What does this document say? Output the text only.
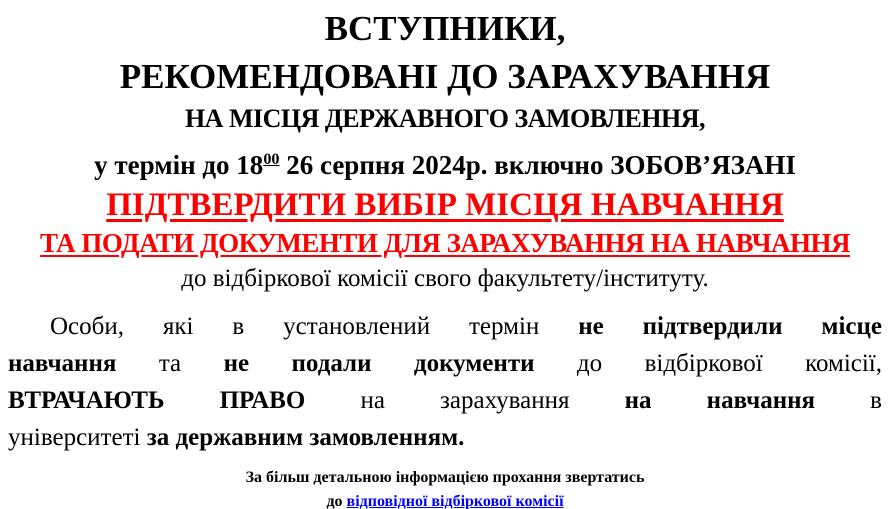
ВСТУПНИКИ,
РЕКОМЕНДОВАНІ ДО ЗАРАХУВАННЯ
НА МІСЦЯ ДЕРЖАВНОГО ЗАМОВЛЕННЯ,
у термін до $18^{00}$ 26 серпня 2024р. включно ЗОБОВ’ЯЗАНІ
ПІДТВЕРДИТИ ВИБІР МІСЦЯ НАВЧАННЯ
ТА ПОДАТИ ДОКУМЕНТИ ДЛЯ ЗАРАХУВАННЯ НА НАВЧАННЯ
до відбіркової комісії свого факультету/інституту.
Особи, які в установлений термін не підтвердили місце
навчання та не подали документи до відбіркової комісії,
ВТРАЧАЮТЬ ПРАВО на зарахування на навчання в
університеті за державним замовленням.
За більш детальною інформацією прохання звертатись
до відповідної відбіркової комісії
